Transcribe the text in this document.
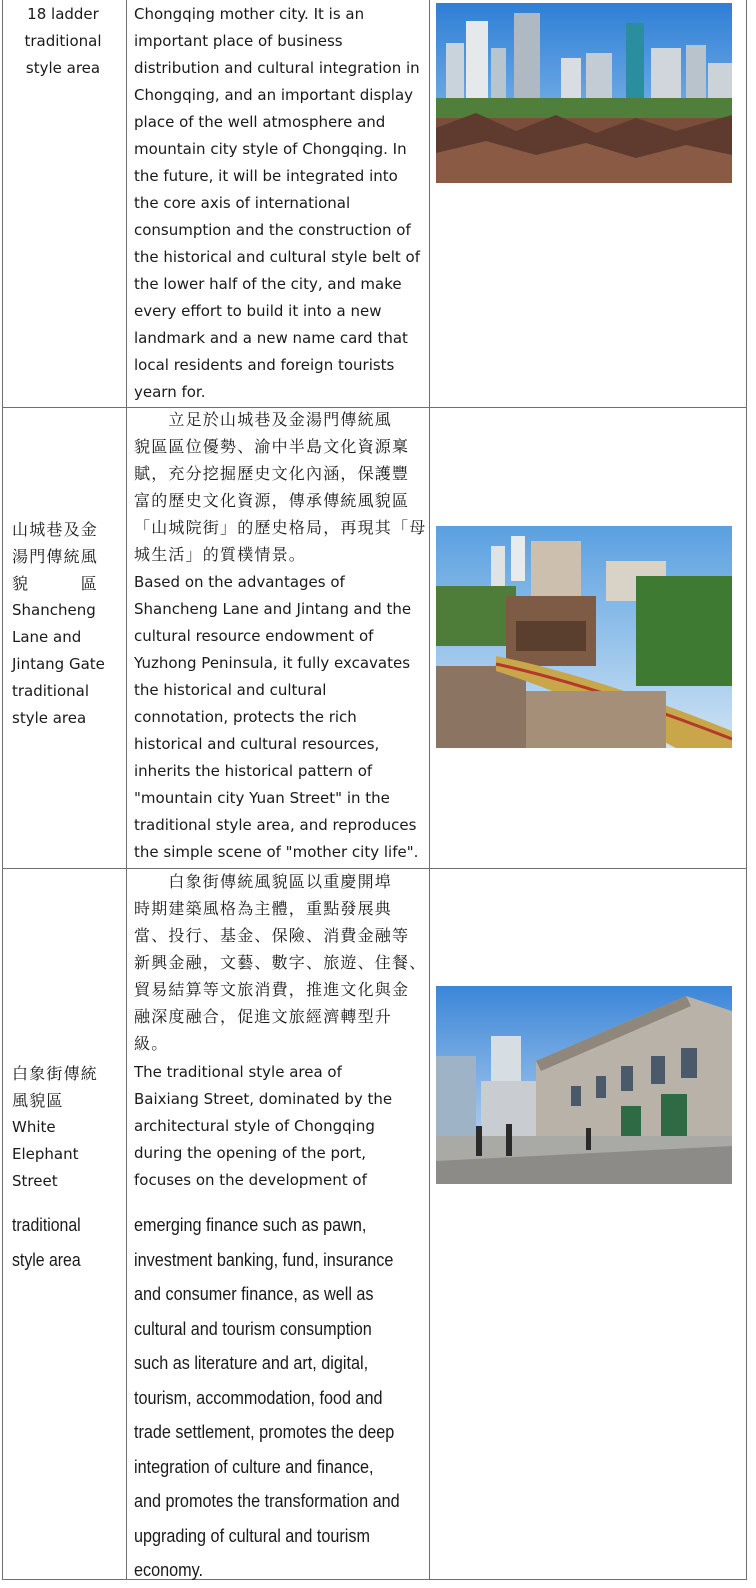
18 ladder
traditional
style area

Chongqing mother city. It is an
important place of business
distribution and cultural integration in
Chongqing, and an important display
place of the well atmosphere and
mountain city style of Chongqing. In
the future, it will be integrated into
the core axis of international
consumption and the construction of
the historical and cultural style belt of
the lower half of the city, and make
every effort to build it into a new
landmark and a new name card that
local residents and foreign tourists
yearn for.

　　立足於山城巷及金湯門傳統風
貌區區位優勢、渝中半島文化資源稟
賦，充分挖掘歷史文化內涵，保護豐
富的歷史文化資源，傳承傳統風貌區
「山城院街」的歷史格局，再現其「母
城生活」的質樸情景。

Based on the advantages of
Shancheng Lane and Jintang and the
cultural resource endowment of
Yuzhong Peninsula, it fully excavates
the historical and cultural
connotation, protects the rich
historical and cultural resources,
inherits the historical pattern of
"mountain city Yuan Street" in the
traditional style area, and reproduces
the simple scene of "mother city life".

山城巷及金
湯門傳統風
貌　　　區

Shancheng
Lane and
Jintang Gate
traditional
style area

　　白象街傳統風貌區以重慶開埠
時期建築風格為主體，重點發展典
當、投行、基金、保險、消費金融等
新興金融，文藝、數字、旅遊、住餐、
貿易結算等文旅消費，推進文化與金
融深度融合，促進文旅經濟轉型升
級。

The traditional style area of
Baixiang Street, dominated by the
architectural style of Chongqing
during the opening of the port,
focuses on the development of

emerging finance such as pawn,
investment banking, fund, insurance
and consumer finance, as well as
cultural and tourism consumption
such as literature and art, digital,
tourism, accommodation, food and
trade settlement, promotes the deep
integration of culture and finance,
and promotes the transformation and
upgrading of cultural and tourism
economy.

白象街傳統
風貌區

White
Elephant
Street

traditional
style area
